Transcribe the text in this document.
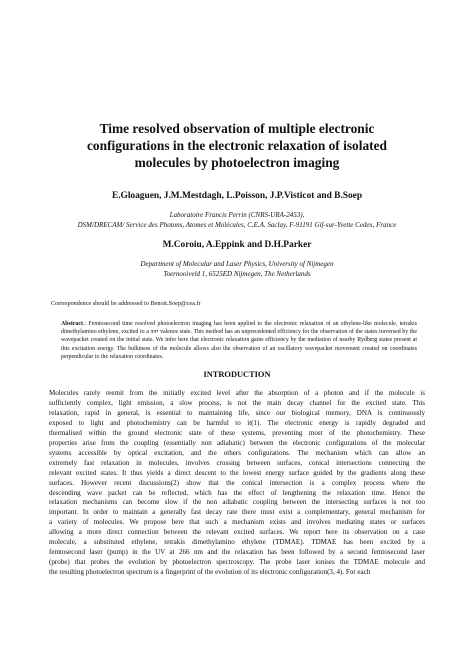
Time resolved observation of multiple electronic
configurations in the electronic relaxation of isolated
molecules by photoelectron imaging
E.Gloaguen, J.M.Mestdagh, L.Poisson, J.P.Visticot and B.Soep
Laboratoire Francis Perrin (CNRS-URA-2453),
DSM/DRECAM/ Service des Photons, Atomes et Molécules, C.E.A. Saclay, F-91191 Gif-sur-Yvette Cedex, France
M.Coroiu, A.Eppink and D.H.Parker
Department of Molecular and Laser Physics, University of Nijmegen
Toernooiveld 1, 6525ED Nijmegen, The Netherlands
Correspondence should be addressed to Benoit.Soep@cea.fr
Abstract.: Femtosecond time resolved photoelectron imaging has been applied to the electronic relaxation of an ethylene-like molecule, tetrakis dimethylamino ethylene, excited to a ππ• valence state. This method has an unprecedented efficiency for the observation of the states traversed by the wavepacket created on the initial state. We infer here that electronic relaxation gains efficiency by the mediation of nearby Rydberg states present at this excitation energy. The bulkiness of the molecule allows also the observation of an oscillatory wavepacket movement created on coordinates perpendicular to the relaxation coordinates.
INTRODUCTION
Molecules rarely reemit from the initially excited level after the absorption of a photon and if the molecule is
sufficiently complex, light emission, a slow process, is not the main decay channel for the excited state. This
relaxation, rapid in general, is essential to maintaining life, since our biological memory, DNA is continuously
exposed to light and photochemistry can be harmful to it(1). The electronic energy is rapidly degraded and
thermalised within the ground electronic state of these systems, preventing most of the photochemistry. These
properties arise from the coupling (essentially non adiabatic) between the electronic configurations of the molecular
systems accessible by optical excitation, and the others configurations. The mechanism which can allow an
extremely fast relaxation in molecules, involves crossing between surfaces, conical intersections connecting the
relevant excited states. It thus yields a direct descent to the lowest energy surface guided by the gradients along these
surfaces. However recent discussions(2) show that the conical intersection is a complex process where the
descending wave packet can be reflected, which has the effect of lengthening the relaxation time. Hence the
relaxation mechanisms can become slow if the non adiabatic coupling between the intersecting surfaces is not too
important. In order to maintain a generally fast decay rate there must exist a complementary, general mechanism for
a variety of molecules. We propose here that such a mechanism exists and involves mediating states or surfaces
allowing a more direct connection between the relevant excited surfaces. We report here its observation on a case
molecule, a substituted ethylene, tetrakis dimethylamino ethylene (TDMAE). TDMAE has been excited by a
femtosecond laser (pump) in the UV at 266 nm and the relaxation has been followed by a second femtosecond laser
(probe) that probes the evolution by photoelectron spectroscopy. The probe laser ionises the TDMAE molecule and
the resulting photoelectron spectrum is a fingerprint of the evolution of its electronic configuration(3, 4). For each
